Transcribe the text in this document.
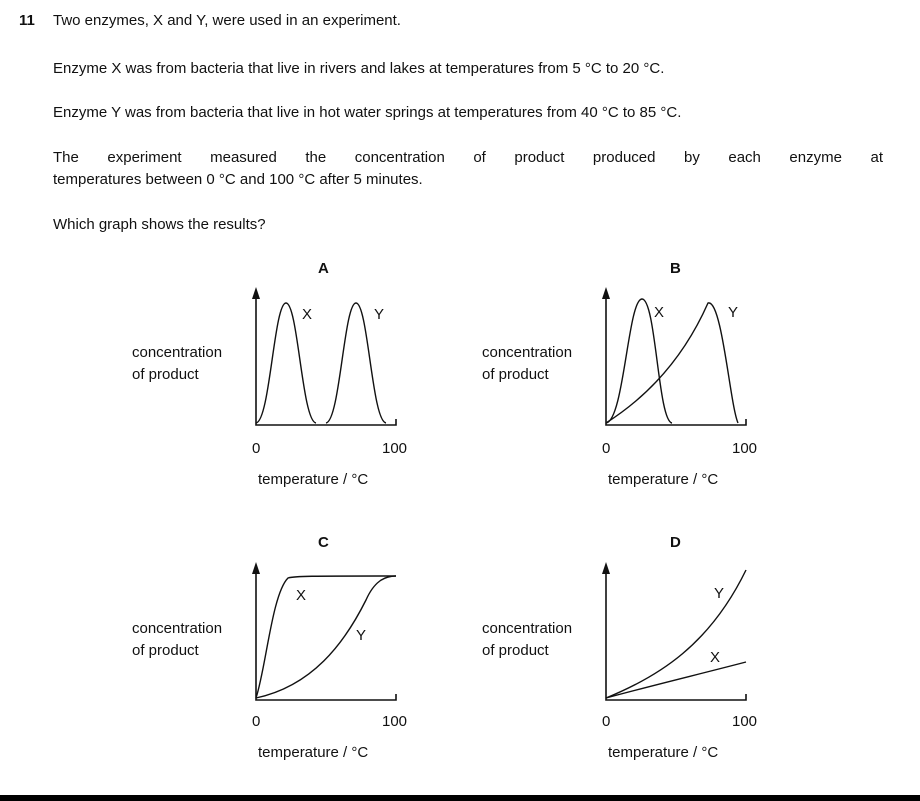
11 Two enzymes, X and Y, were used in an experiment.
Enzyme X was from bacteria that live in rivers and lakes at temperatures from 5 °C to 20 °C.
Enzyme Y was from bacteria that live in hot water springs at temperatures from 40 °C to 85 °C.
The experiment measured the concentration of product produced by each enzyme at
temperatures between 0 °C and 100 °C after 5 minutes.
Which graph shows the results?
A
concentration
of product
X	Y
0	100
temperature / °C
B
concentration
of product
X	Y
0	100
temperature / °C
C
concentration
of product
X
Y
0	100
temperature / °C
D
concentration
of product
Y
X
0	100
temperature / °C
